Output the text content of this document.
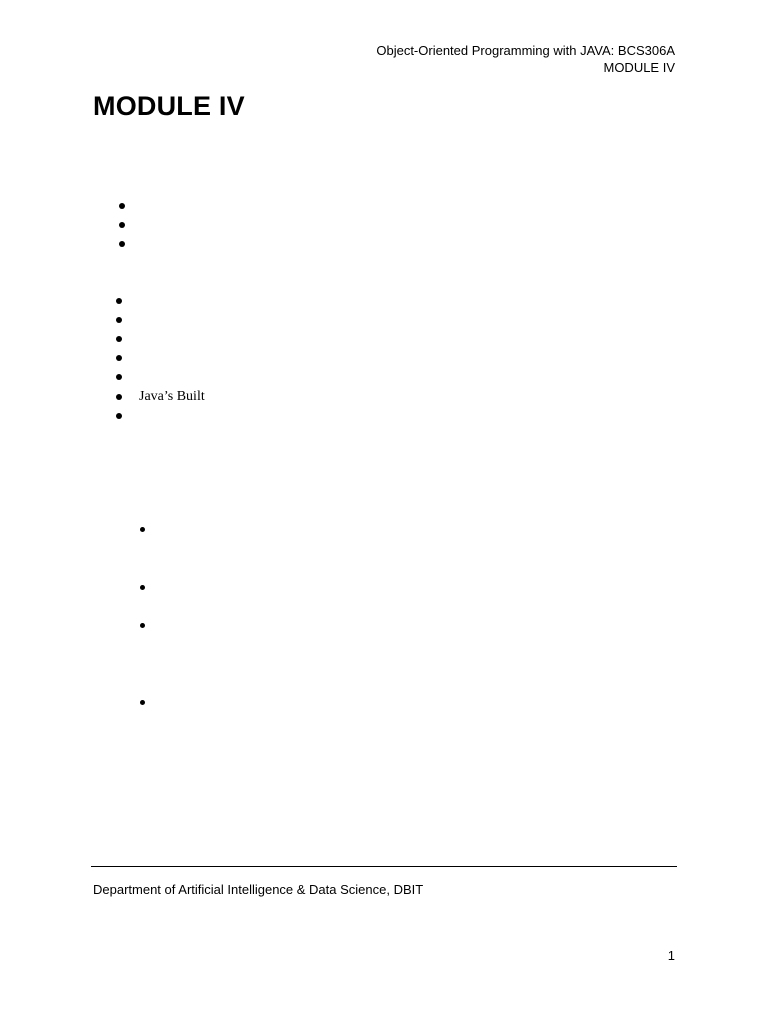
Object-Oriented Programming with JAVA: BCS306A
MODULE IV
MODULE IV
Java’s Built
Department of Artificial Intelligence & Data Science, DBIT
1
